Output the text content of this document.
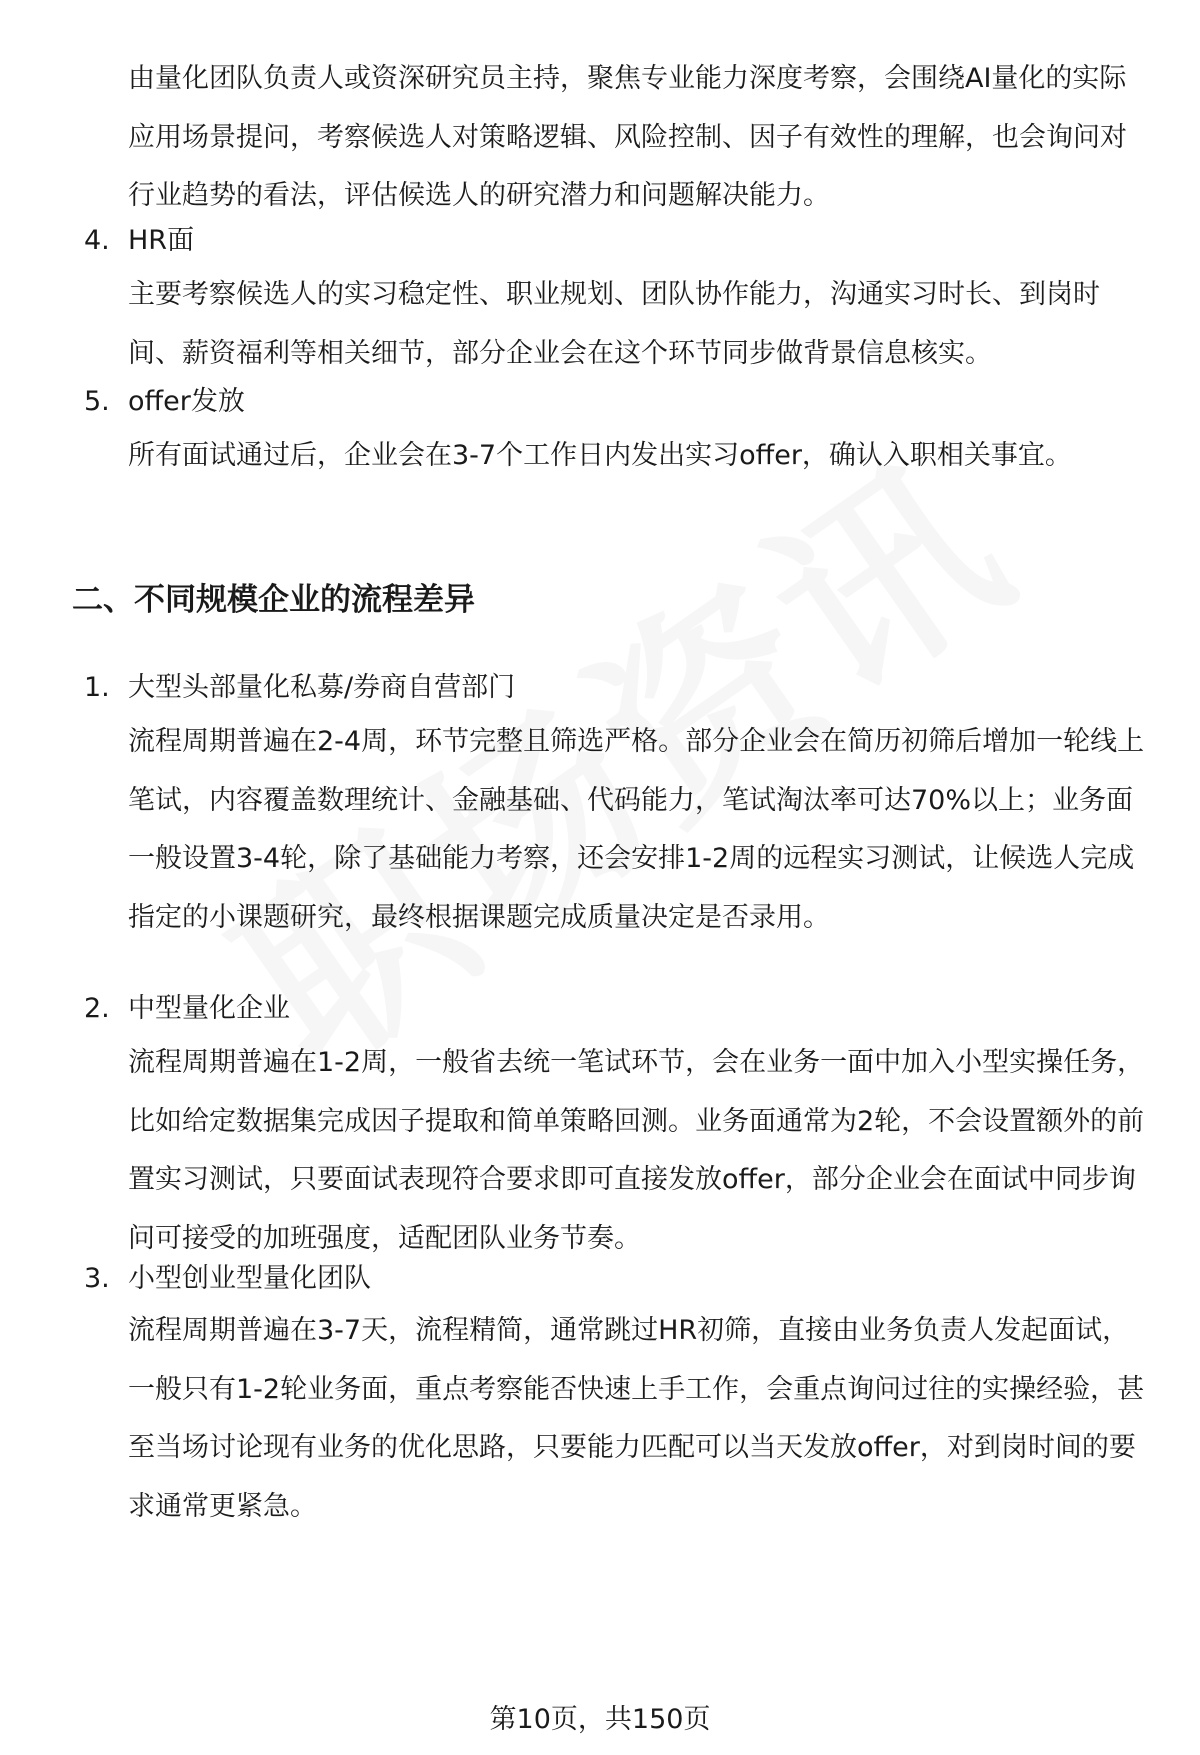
由量化团队负责人或资深研究员主持，聚焦专业能力深度考察，会围绕AI量化的实际应用场景提问，考察候选人对策略逻辑、风险控制、因子有效性的理解，也会询问对行业趋势的看法，评估候选人的研究潜力和问题解决能力。

4. HR面

主要考察候选人的实习稳定性、职业规划、团队协作能力，沟通实习时长、到岗时间、薪资福利等相关细节，部分企业会在这个环节同步做背景信息核实。

5. offer发放

所有面试通过后，企业会在3-7个工作日内发出实习offer，确认入职相关事宜。

二、不同规模企业的流程差异

1. 大型头部量化私募/券商自营部门

流程周期普遍在2-4周，环节完整且筛选严格。部分企业会在简历初筛后增加一轮线上笔试，内容覆盖数理统计、金融基础、代码能力，笔试淘汰率可达70%以上；业务面一般设置3-4轮，除了基础能力考察，还会安排1-2周的远程实习测试，让候选人完成指定的小课题研究，最终根据课题完成质量决定是否录用。

2. 中型量化企业

流程周期普遍在1-2周，一般省去统一笔试环节，会在业务一面中加入小型实操任务，比如给定数据集完成因子提取和简单策略回测。业务面通常为2轮，不会设置额外的前置实习测试，只要面试表现符合要求即可直接发放offer，部分企业会在面试中同步询问可接受的加班强度，适配团队业务节奏。

3. 小型创业型量化团队

流程周期普遍在3-7天，流程精简，通常跳过HR初筛，直接由业务负责人发起面试，一般只有1-2轮业务面，重点考察能否快速上手工作，会重点询问过往的实操经验，甚至当场讨论现有业务的优化思路，只要能力匹配可以当天发放offer，对到岗时间的要求通常更紧急。

第10页，共150页
